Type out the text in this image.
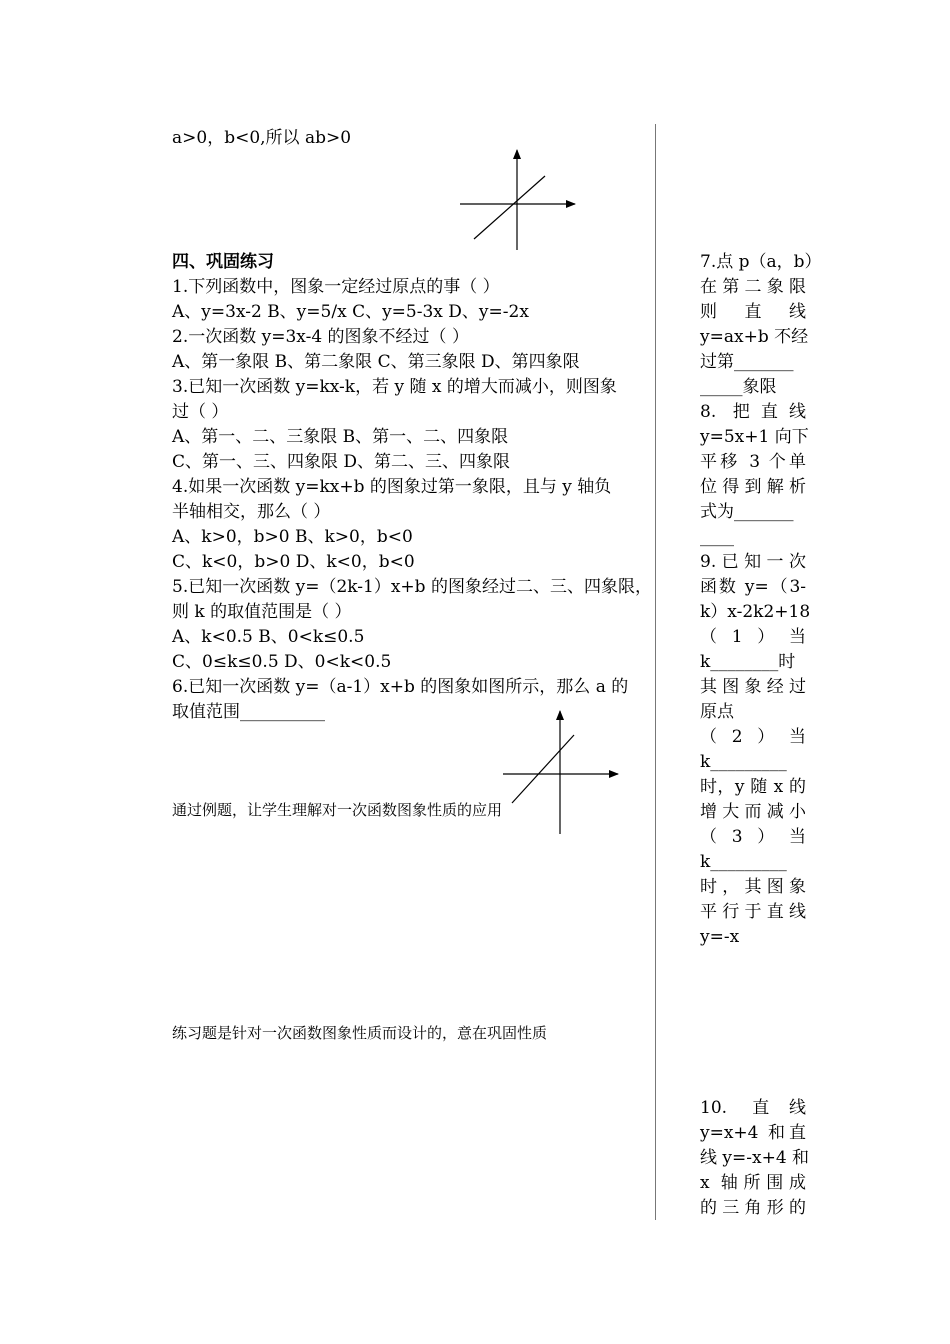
a>0，b<0,所以 ab>0
四、巩固练习
1.下列函数中，图象一定经过原点的事（ ）
A、y=3x-2 B、y=5/x C、y=5-3x D、y=-2x
2.一次函数 y=3x-4 的图象不经过（ ）
A、第一象限 B、第二象限 C、第三象限 D、第四象限
3.已知一次函数 y=kx-k，若 y 随 x 的增大而减小，则图象
过（ ）
A、第一、二、三象限 B、第一、二、四象限
C、第一、三、四象限 D、第二、三、四象限
4.如果一次函数 y=kx+b 的图象过第一象限，且与 y 轴负
半轴相交，那么（ ）
A、k>0，b>0 B、k>0，b<0
C、k<0，b>0 D、k<0，b<0
5.已知一次函数 y=（2k-1）x+b 的图象经过二、三、四象限，
则 k 的取值范围是（ ）
A、k<0.5 B、0<k≤0.5
C、0≤k≤0.5 D、0<k<0.5
6.已知一次函数 y=（a-1）x+b 的图象如图所示，那么 a 的
取值范围__________
通过例题，让学生理解对一次函数图象性质的应用
练习题是针对一次函数图象性质而设计的，意在巩固性质
7.点 p（a，b）
在第二象限
则直线
y=ax+b 不经
过第_______
_____象限
8. 把直线
y=5x+1 向下
平移 3 个单
位得到解析
式为_______
____
9.已知一次
函数 y=（3-
k）x-2k2+18
（1）当
k________时
其图象经过
原点
（2）当
k_________
时，y 随 x 的
增大而减小
（3）当
k_________
时，其图象
平行于直线
y=-x
10. 直线
y=x+4 和直
线 y=-x+4 和
x 轴所围成
的三角形的
